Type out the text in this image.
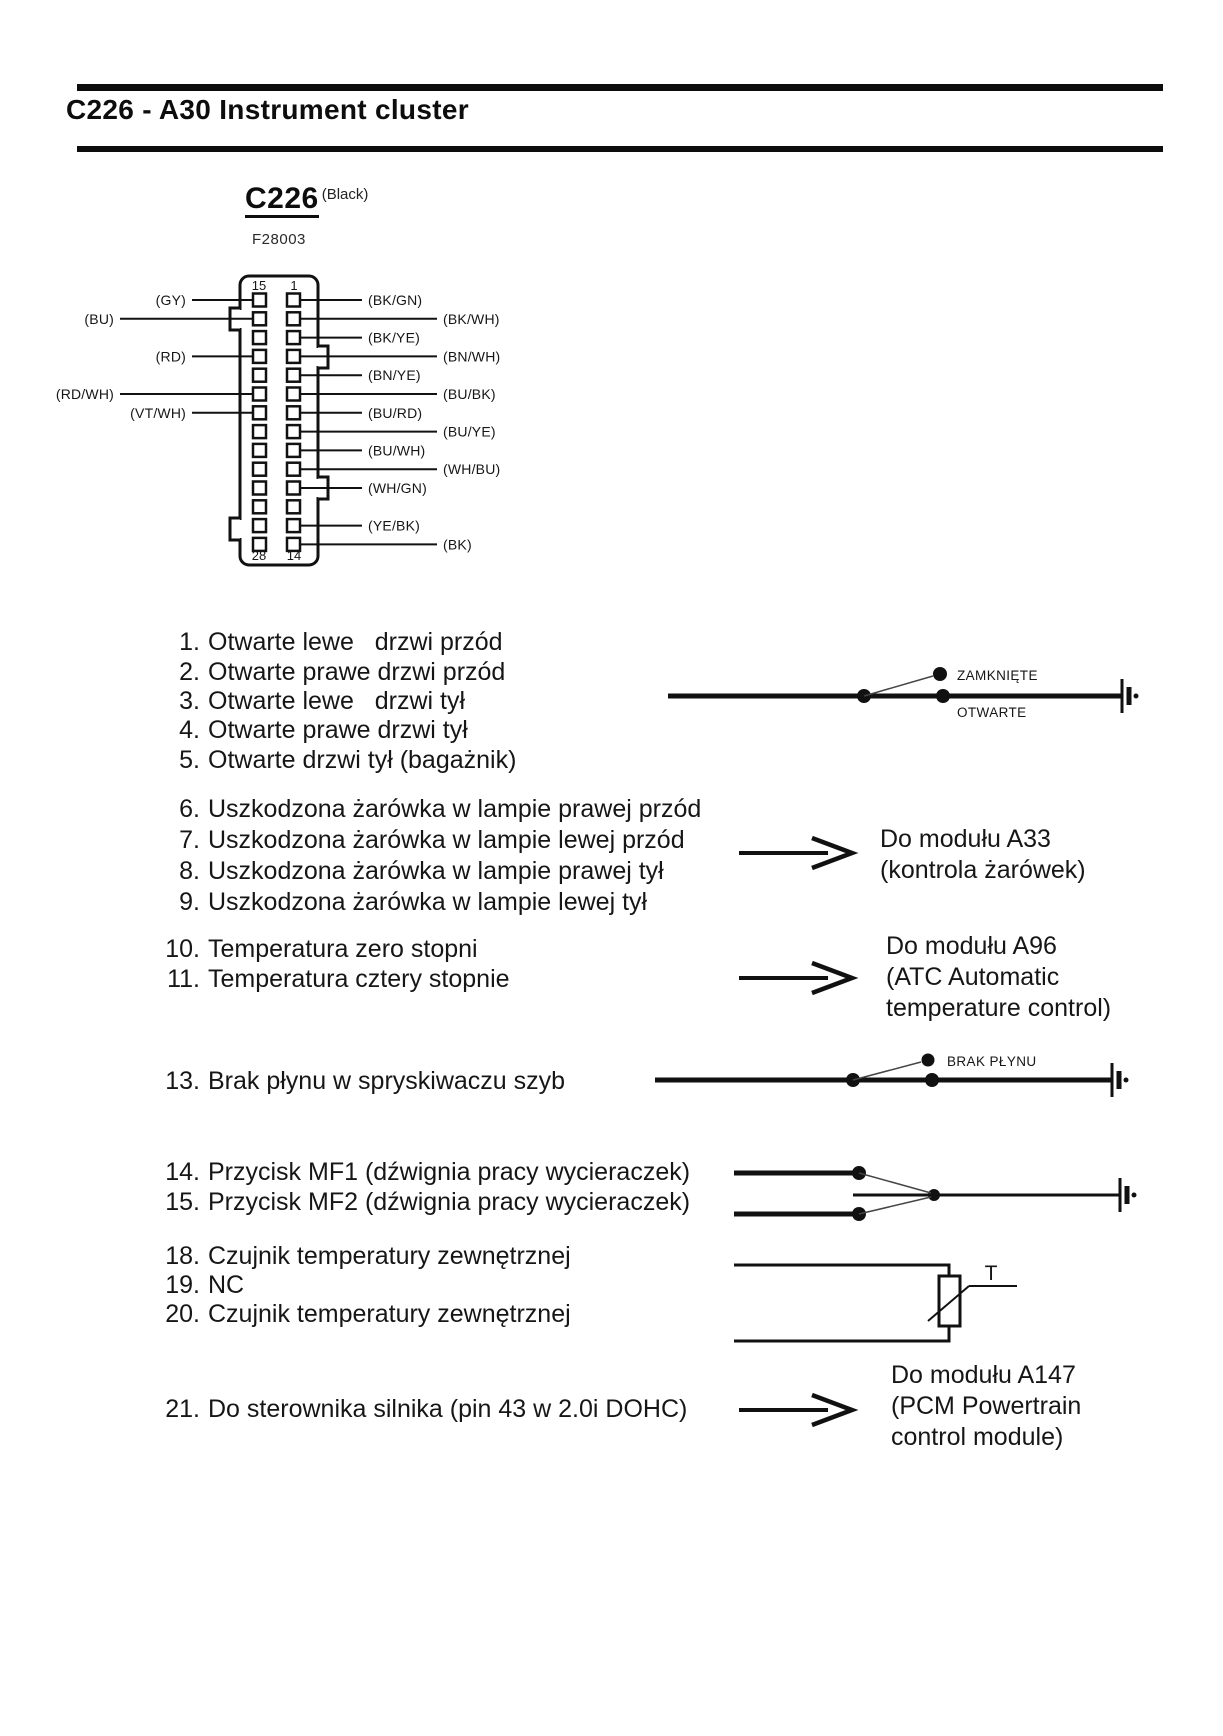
C226 - A30 Instrument cluster
C226 (Black)
F28003
15 1
28 14
(GY)
(BU)
(RD)
(RD/WH)
(VT/WH)
(BK/GN)
(BK/WH)
(BK/YE)
(BN/WH)
(BN/YE)
(BU/BK)
(BU/RD)
(BU/YE)
(BU/WH)
(WH/BU)
(WH/GN)
(YE/BK)
(BK)
ZAMKNIĘTE
OTWARTE
BRAK PŁYNU
T
1. Otwarte lewe   drzwi przód
2. Otwarte prawe drzwi przód
3. Otwarte lewe   drzwi tył
4. Otwarte prawe drzwi tył
5. Otwarte drzwi tył (bagażnik)
6. Uszkodzona żarówka w lampie prawej przód
7. Uszkodzona żarówka w lampie lewej przód
8. Uszkodzona żarówka w lampie prawej tył
9. Uszkodzona żarówka w lampie lewej tył
10. Temperatura zero stopni
11. Temperatura cztery stopnie
13. Brak płynu w spryskiwaczu szyb
14. Przycisk MF1 (dźwignia pracy wycieraczek)
15. Przycisk MF2 (dźwignia pracy wycieraczek)
18. Czujnik temperatury zewnętrznej
19. NC
20. Czujnik temperatury zewnętrznej
21. Do sterownika silnika (pin 43 w 2.0i DOHC)
Do modułu A33
(kontrola żarówek)
Do modułu A96
(ATC Automatic
temperature control)
Do modułu A147
(PCM Powertrain
control module)
